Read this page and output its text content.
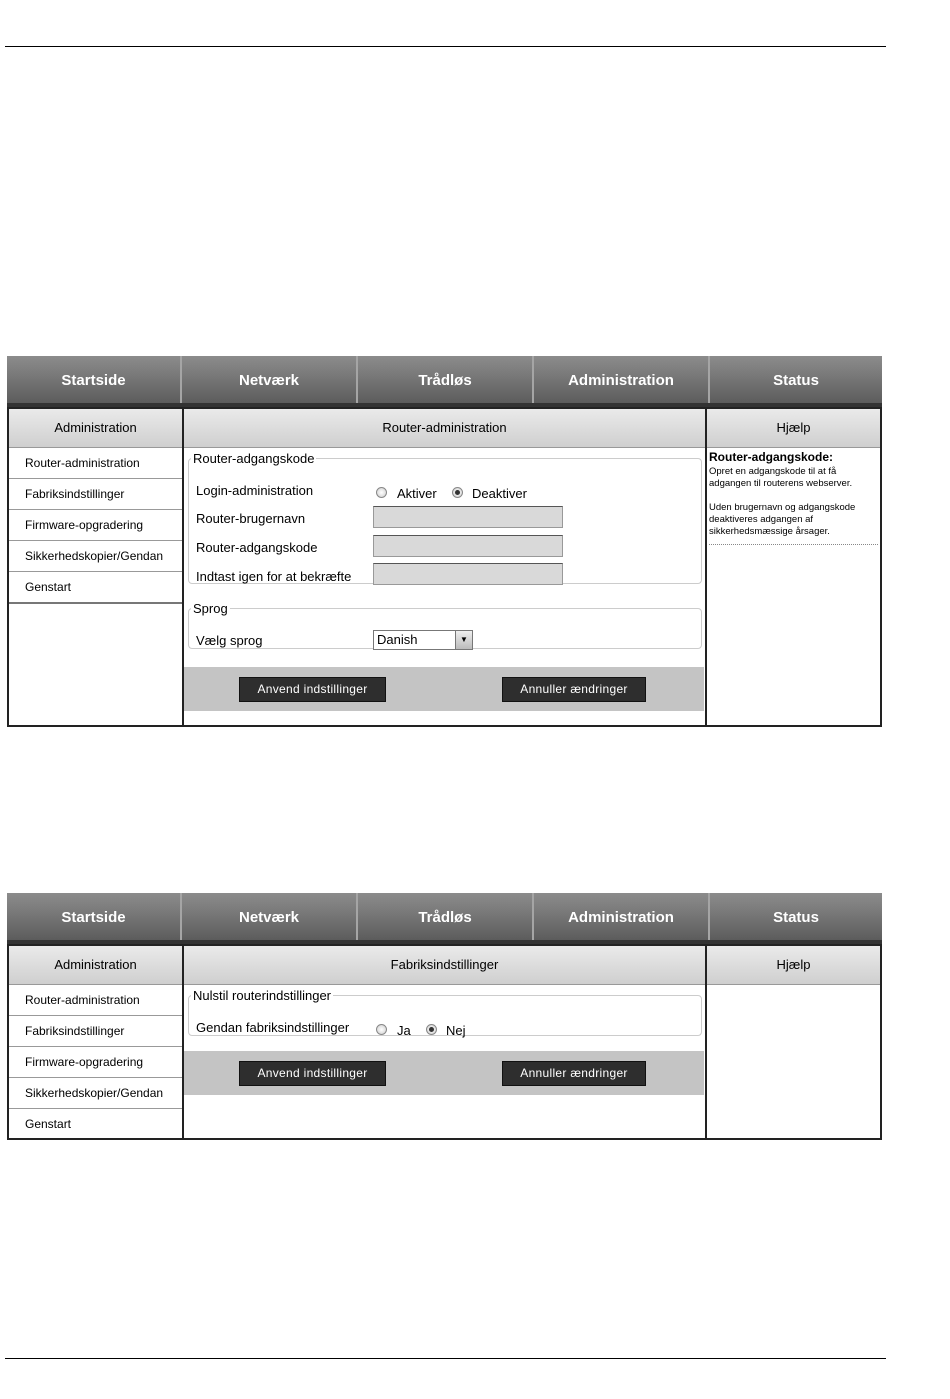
Startside	Netværk	Trådløs	Administration	Status
Administration
Router-administration
Fabriksindstillinger
Firmware-opgradering
Sikkerhedskopier/Gendan
Genstart
Router-administration
Router-adgangskode
Login-administration	Aktiver	Deaktiver
Router-brugernavn
Router-adgangskode
Indtast igen for at bekræfte
Sprog
Vælg sprog	Danish	▼
Anvend indstillinger	Annuller ændringer
Hjælp
Router-adgangskode:
Opret en adgangskode til at få adgangen til routerens webserver.
Uden brugernavn og adgangskode deaktiveres adgangen af sikkerhedsmæssige årsager.
Startside	Netværk	Trådløs	Administration	Status
Administration
Router-administration
Fabriksindstillinger
Firmware-opgradering
Sikkerhedskopier/Gendan
Genstart
Fabriksindstillinger
Nulstil routerindstillinger
Gendan fabriksindstillinger	Ja	Nej
Anvend indstillinger	Annuller ændringer
Hjælp
